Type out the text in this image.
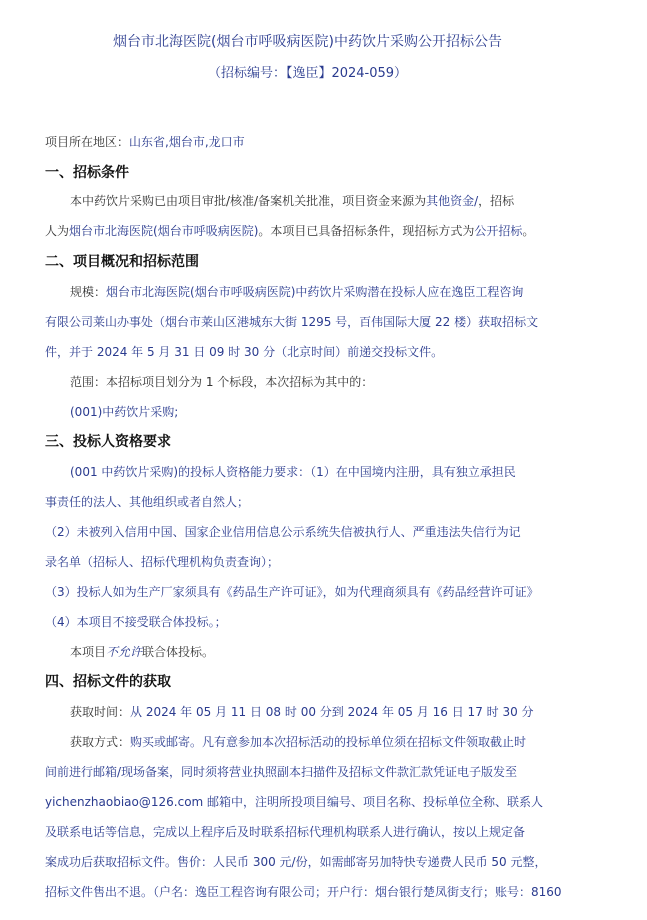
烟台市北海医院(烟台市呼吸病医院)中药饮片采购公开招标公告
（招标编号：【逸臣】2024-059）
项目所在地区：山东省,烟台市,龙口市
一、招标条件
本中药饮片采购已由项目审批/核准/备案机关批准，项目资金来源为其他资金/，招标
人为烟台市北海医院(烟台市呼吸病医院)。本项目已具备招标条件，现招标方式为公开招标。
二、项目概况和招标范围
规模：烟台市北海医院(烟台市呼吸病医院)中药饮片采购潜在投标人应在逸臣工程咨询
有限公司莱山办事处（烟台市莱山区港城东大街 1295 号，百伟国际大厦 22 楼）获取招标文
件，并于 2024 年 5 月 31 日 09 时 30 分（北京时间）前递交投标文件。
范围：本招标项目划分为 1 个标段，本次招标为其中的：
(001)中药饮片采购;
三、投标人资格要求
(001 中药饮片采购)的投标人资格能力要求：（1）在中国境内注册，具有独立承担民
事责任的法人、其他组织或者自然人；
（2）未被列入信用中国、国家企业信用信息公示系统失信被执行人、严重违法失信行为记
录名单（招标人、招标代理机构负责查询）；
（3）投标人如为生产厂家须具有《药品生产许可证》，如为代理商须具有《药品经营许可证》
（4）本项目不接受联合体投标。；
本项目不允许联合体投标。
四、招标文件的获取
获取时间：从 2024 年 05 月 11 日 08 时 00 分到 2024 年 05 月 16 日 17 时 30 分
获取方式：购买或邮寄。凡有意参加本次招标活动的投标单位须在招标文件领取截止时
间前进行邮箱/现场备案，同时须将营业执照副本扫描件及招标文件款汇款凭证电子版发至
yichenzhaobiao@126.com 邮箱中，注明所投项目编号、项目名称、投标单位全称、联系人
及联系电话等信息，完成以上程序后及时联系招标代理机构联系人进行确认，按以上规定备
案成功后获取招标文件。售价：人民币 300 元/份，如需邮寄另加特快专递费人民币 50 元整，
招标文件售出不退。（户名：逸臣工程咨询有限公司；开户行：烟台银行楚凤街支行；账号：8160
